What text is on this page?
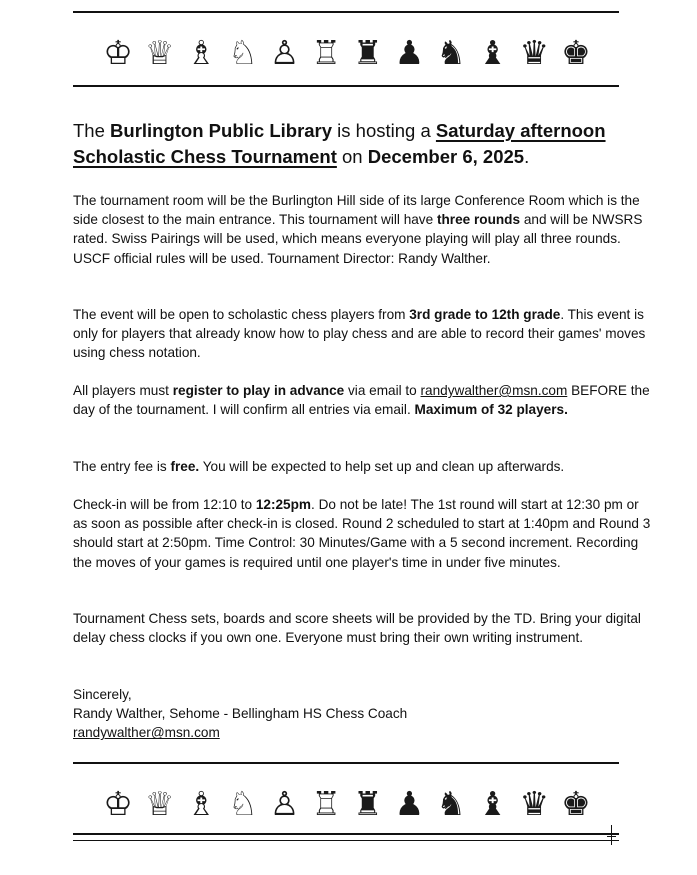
♔ ♕ ♗ ♘ ♙ ♖ ♜ ♟ ♞ ♝ ♛ ♚
The Burlington Public Library is hosting a Saturday afternoon Scholastic Chess Tournament on December 6, 2025.
The tournament room will be the Burlington Hill side of its large Conference Room which is the side closest to the main entrance. This tournament will have three rounds and will be NWSRS rated. Swiss Pairings will be used, which means everyone playing will play all three rounds. USCF official rules will be used. Tournament Director: Randy Walther.
The event will be open to scholastic chess players from 3rd grade to 12th grade. This event is only for players that already know how to play chess and are able to record their games' moves using chess notation.
All players must register to play in advance via email to randywalther@msn.com BEFORE the day of the tournament. I will confirm all entries via email. Maximum of 32 players.
The entry fee is free. You will be expected to help set up and clean up afterwards.
Check-in will be from 12:10 to 12:25pm. Do not be late! The 1st round will start at 12:30 pm or as soon as possible after check-in is closed. Round 2 scheduled to start at 1:40pm and Round 3 should start at 2:50pm. Time Control: 30 Minutes/Game with a 5 second increment. Recording the moves of your games is required until one player's time in under five minutes.
Tournament Chess sets, boards and score sheets will be provided by the TD. Bring your digital delay chess clocks if you own one. Everyone must bring their own writing instrument.
Sincerely,
Randy Walther, Sehome - Bellingham HS Chess Coach
randywalther@msn.com
♔ ♕ ♗ ♘ ♙ ♖ ♜ ♟ ♞ ♝ ♛ ♚
